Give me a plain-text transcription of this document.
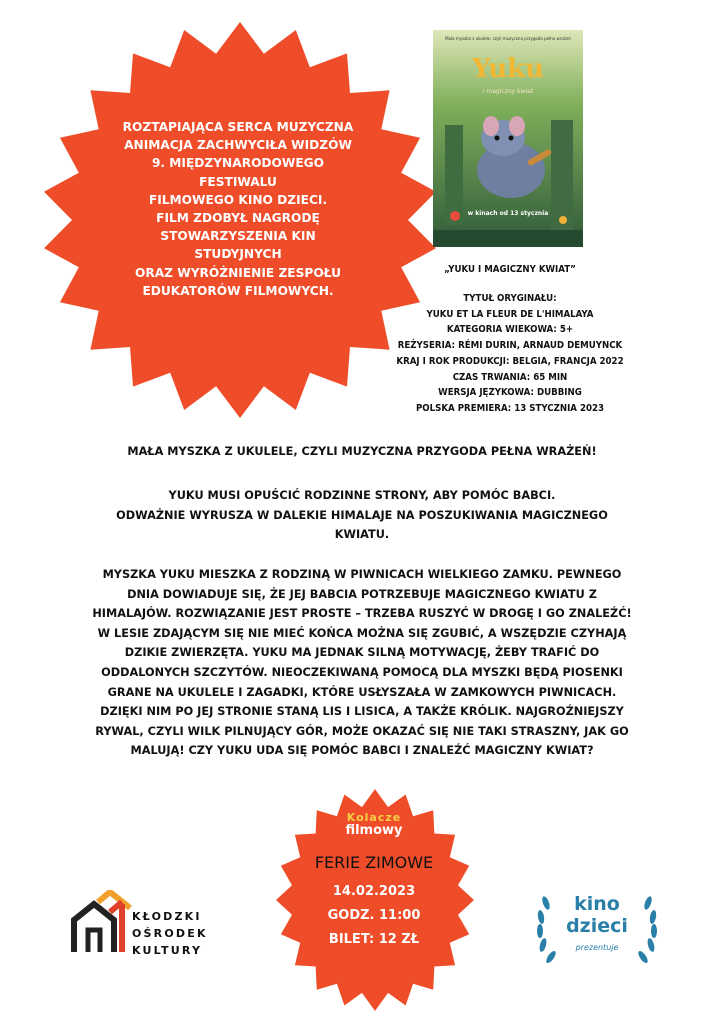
ROZTAPIAJĄCA SERCA MUZYCZNA
ANIMACJA ZACHWYCIŁA WIDZÓW
9. MIĘDZYNARODOWEGO FESTIWALU
FILMOWEGO KINO DZIECI.
FILM ZDOBYŁ NAGRODĘ
STOWARZYSZENIA KIN STUDYJNYCH
ORAZ WYRÓŻNIENIE ZESPOŁU
EDUKATORÓW FILMOWYCH.
Mała myszka z ukulele, czyli muzyczna przygoda pełna wrażeń
Yuku
i magiczny kwiat
w kinach od 13 stycznia
„YUKU I MAGICZNY KWIAT”
TYTUŁ ORYGINAŁU:
YUKU ET LA FLEUR DE L'HIMALAYA
KATEGORIA WIEKOWA: 5+
REŻYSERIA: RÉMI DURIN, ARNAUD DEMUYNCK
KRAJ I ROK PRODUKCJI: BELGIA, FRANCJA 2022
CZAS TRWANIA: 65 MIN
WERSJA JĘZYKOWA: DUBBING
POLSKA PREMIERA: 13 STYCZNIA 2023
MAŁA MYSZKA Z UKULELE, CZYLI MUZYCZNA PRZYGODA PEŁNA WRAŻEŃ!
YUKU MUSI OPUŚCIĆ RODZINNE STRONY, ABY POMÓC BABCI.
ODWAŻNIE WYRUSZA W DALEKIE HIMALAJE NA POSZUKIWANIA MAGICZNEGO
KWIATU.
MYSZKA YUKU MIESZKA Z RODZINĄ W PIWNICACH WIELKIEGO ZAMKU. PEWNEGO
DNIA DOWIADUJE SIĘ, ŻE JEJ BABCIA POTRZEBUJE MAGICZNEGO KWIATU Z
HIMALAJÓW. ROZWIĄZANIE JEST PROSTE – TRZEBA RUSZYĆ W DROGĘ I GO ZNALEŹĆ!
W LESIE ZDAJĄCYM SIĘ NIE MIEĆ KOŃCA MOŻNA SIĘ ZGUBIĆ, A WSZĘDZIE CZYHAJĄ
DZIKIE ZWIERZĘTA. YUKU MA JEDNAK SILNĄ MOTYWACJĘ, ŻEBY TRAFIĆ DO
ODDALONYCH SZCZYTÓW. NIEOCZEKIWANĄ POMOCĄ DLA MYSZKI BĘDĄ PIOSENKI
GRANE NA UKULELE I ZAGADKI, KTÓRE USŁYSZAŁA W ZAMKOWYCH PIWNICACH.
DZIĘKI NIM PO JEJ STRONIE STANĄ LIS I LISICA, A TAKŻE KRÓLIK. NAJGROŹNIEJSZY
RYWAL, CZYLI WILK PILNUJĄCY GÓR, MOŻE OKAZAĆ SIĘ NIE TAKI STRASZNY, JAK GO
MALUJĄ! CZY YUKU UDA SIĘ POMÓC BABCI I ZNALEŹĆ MAGICZNY KWIAT?
Kolacze
filmowy
FERIE ZIMOWE
14.02.2023
GODZ. 11:00
BILET: 12 ZŁ
KŁODZKI
OŚRODEK
KULTURY
kino
dzieci
prezentuje
